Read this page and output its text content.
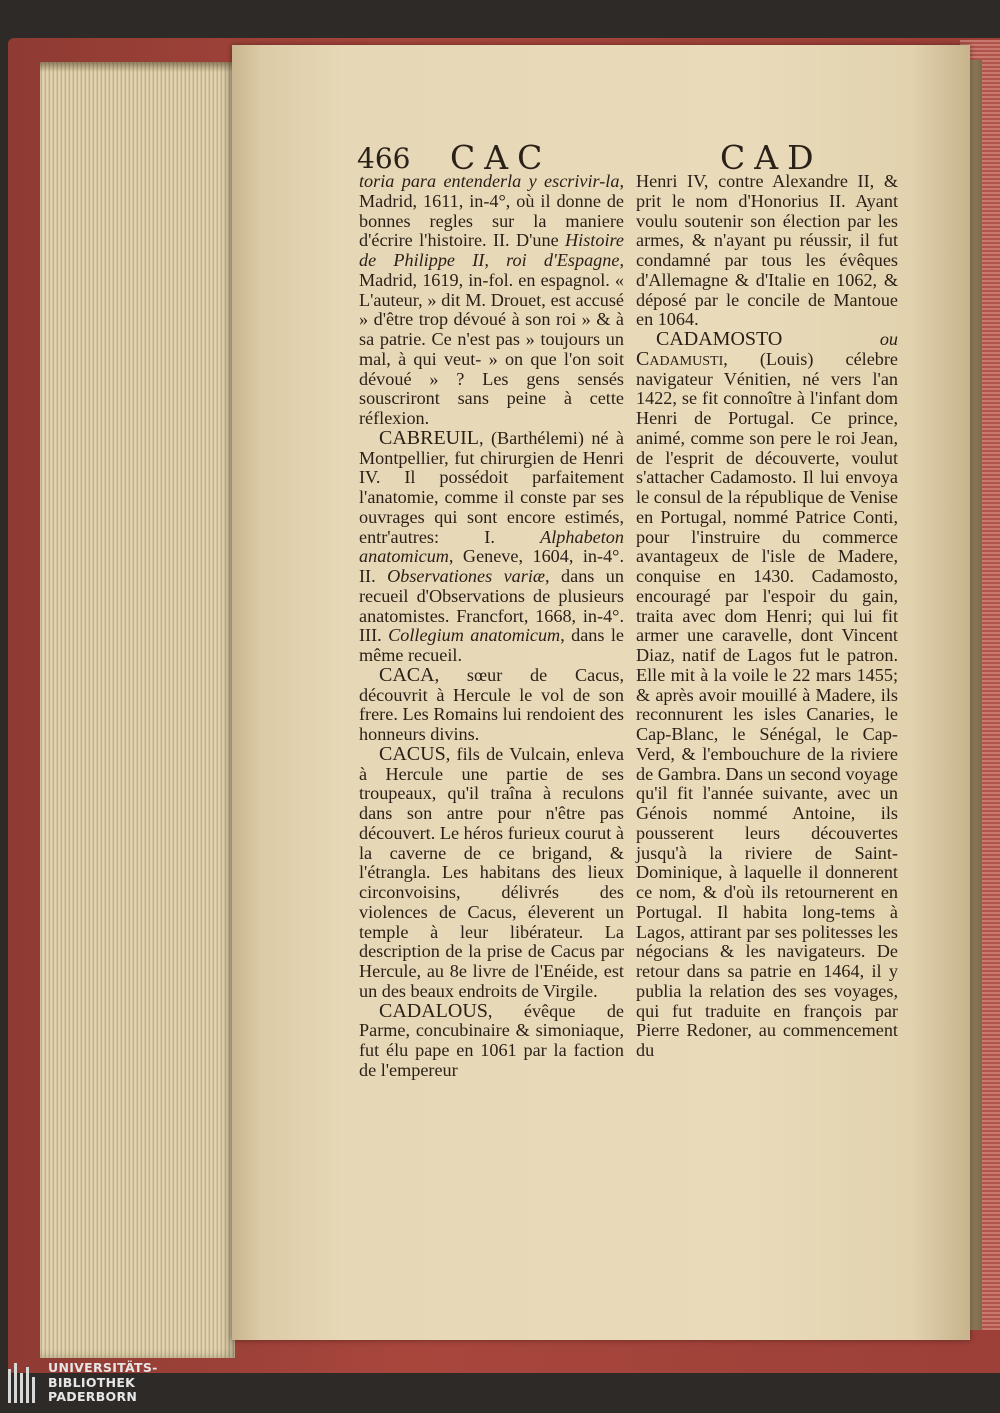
466 CAC	CAD

toria para entenderla y escrivir-la, Madrid, 1611, in-4°, où il donne de bonnes regles sur la maniere d'écrire l'histoire. II. D'une Histoire de Philippe II, roi d'Espagne, Madrid, 1619, in-fol. en espagnol. « L'auteur, » dit M. Drouet, est accusé » d'être trop dévoué à son roi » & à sa patrie. Ce n'est pas » toujours un mal, à qui veut- » on que l'on soit dévoué » ? Les gens sensés souscriront sans peine à cette réflexion.

CABREUIL, (Barthélemi) né à Montpellier, fut chirurgien de Henri IV. Il possédoit parfaitement l'anatomie, comme il conste par ses ouvrages qui sont encore estimés, entr'autres: I. Alphabeton anatomicum, Geneve, 1604, in-4°. II. Observationes variæ, dans un recueil d'Observations de plusieurs anatomistes. Francfort, 1668, in-4°. III. Collegium anatomicum, dans le même recueil.

CACA, sœur de Cacus, découvrit à Hercule le vol de son frere. Les Romains lui rendoient des honneurs divins.

CACUS, fils de Vulcain, enleva à Hercule une partie de ses troupeaux, qu'il traîna à reculons dans son antre pour n'être pas découvert. Le héros furieux courut à la caverne de ce brigand, & l'étrangla. Les habitans des lieux circonvoisins, délivrés des violences de Cacus, éleverent un temple à leur libérateur. La description de la prise de Cacus par Hercule, au 8e livre de l'Enéide, est un des beaux endroits de Virgile.

CADALOUS, évêque de Parme, concubinaire & simoniaque, fut élu pape en 1061 par la faction de l'empereur

Henri IV, contre Alexandre II, & prit le nom d'Honorius II. Ayant voulu soutenir son élection par les armes, & n'ayant pu réussir, il fut condamné par tous les évêques d'Allemagne & d'Italie en 1062, & déposé par le concile de Mantoue en 1064.

CADAMOSTO ou Cadamusti, (Louis) célebre navigateur Vénitien, né vers l'an 1422, se fit connoître à l'infant dom Henri de Portugal. Ce prince, animé, comme son pere le roi Jean, de l'esprit de découverte, voulut s'attacher Cadamosto. Il lui envoya le consul de la république de Venise en Portugal, nommé Patrice Conti, pour l'instruire du commerce avantageux de l'isle de Madere, conquise en 1430. Cadamosto, encouragé par l'espoir du gain, traita avec dom Henri; qui lui fit armer une caravelle, dont Vincent Diaz, natif de Lagos fut le patron. Elle mit à la voile le 22 mars 1455; & après avoir mouillé à Madere, ils reconnurent les isles Canaries, le Cap-Blanc, le Sénégal, le Cap-Verd, & l'embouchure de la riviere de Gambra. Dans un second voyage qu'il fit l'année suivante, avec un Génois nommé Antoine, ils pousserent leurs découvertes jusqu'à la riviere de Saint-Dominique, à laquelle il donnerent ce nom, & d'où ils retournerent en Portugal. Il habita long-tems à Lagos, attirant par ses politesses les négocians & les navigateurs. De retour dans sa patrie en 1464, il y publia la relation des ses voyages, qui fut traduite en françois par Pierre Redoner, au commencement du

UNIVERSITÄTS-
BIBLIOTHEK
PADERBORN
